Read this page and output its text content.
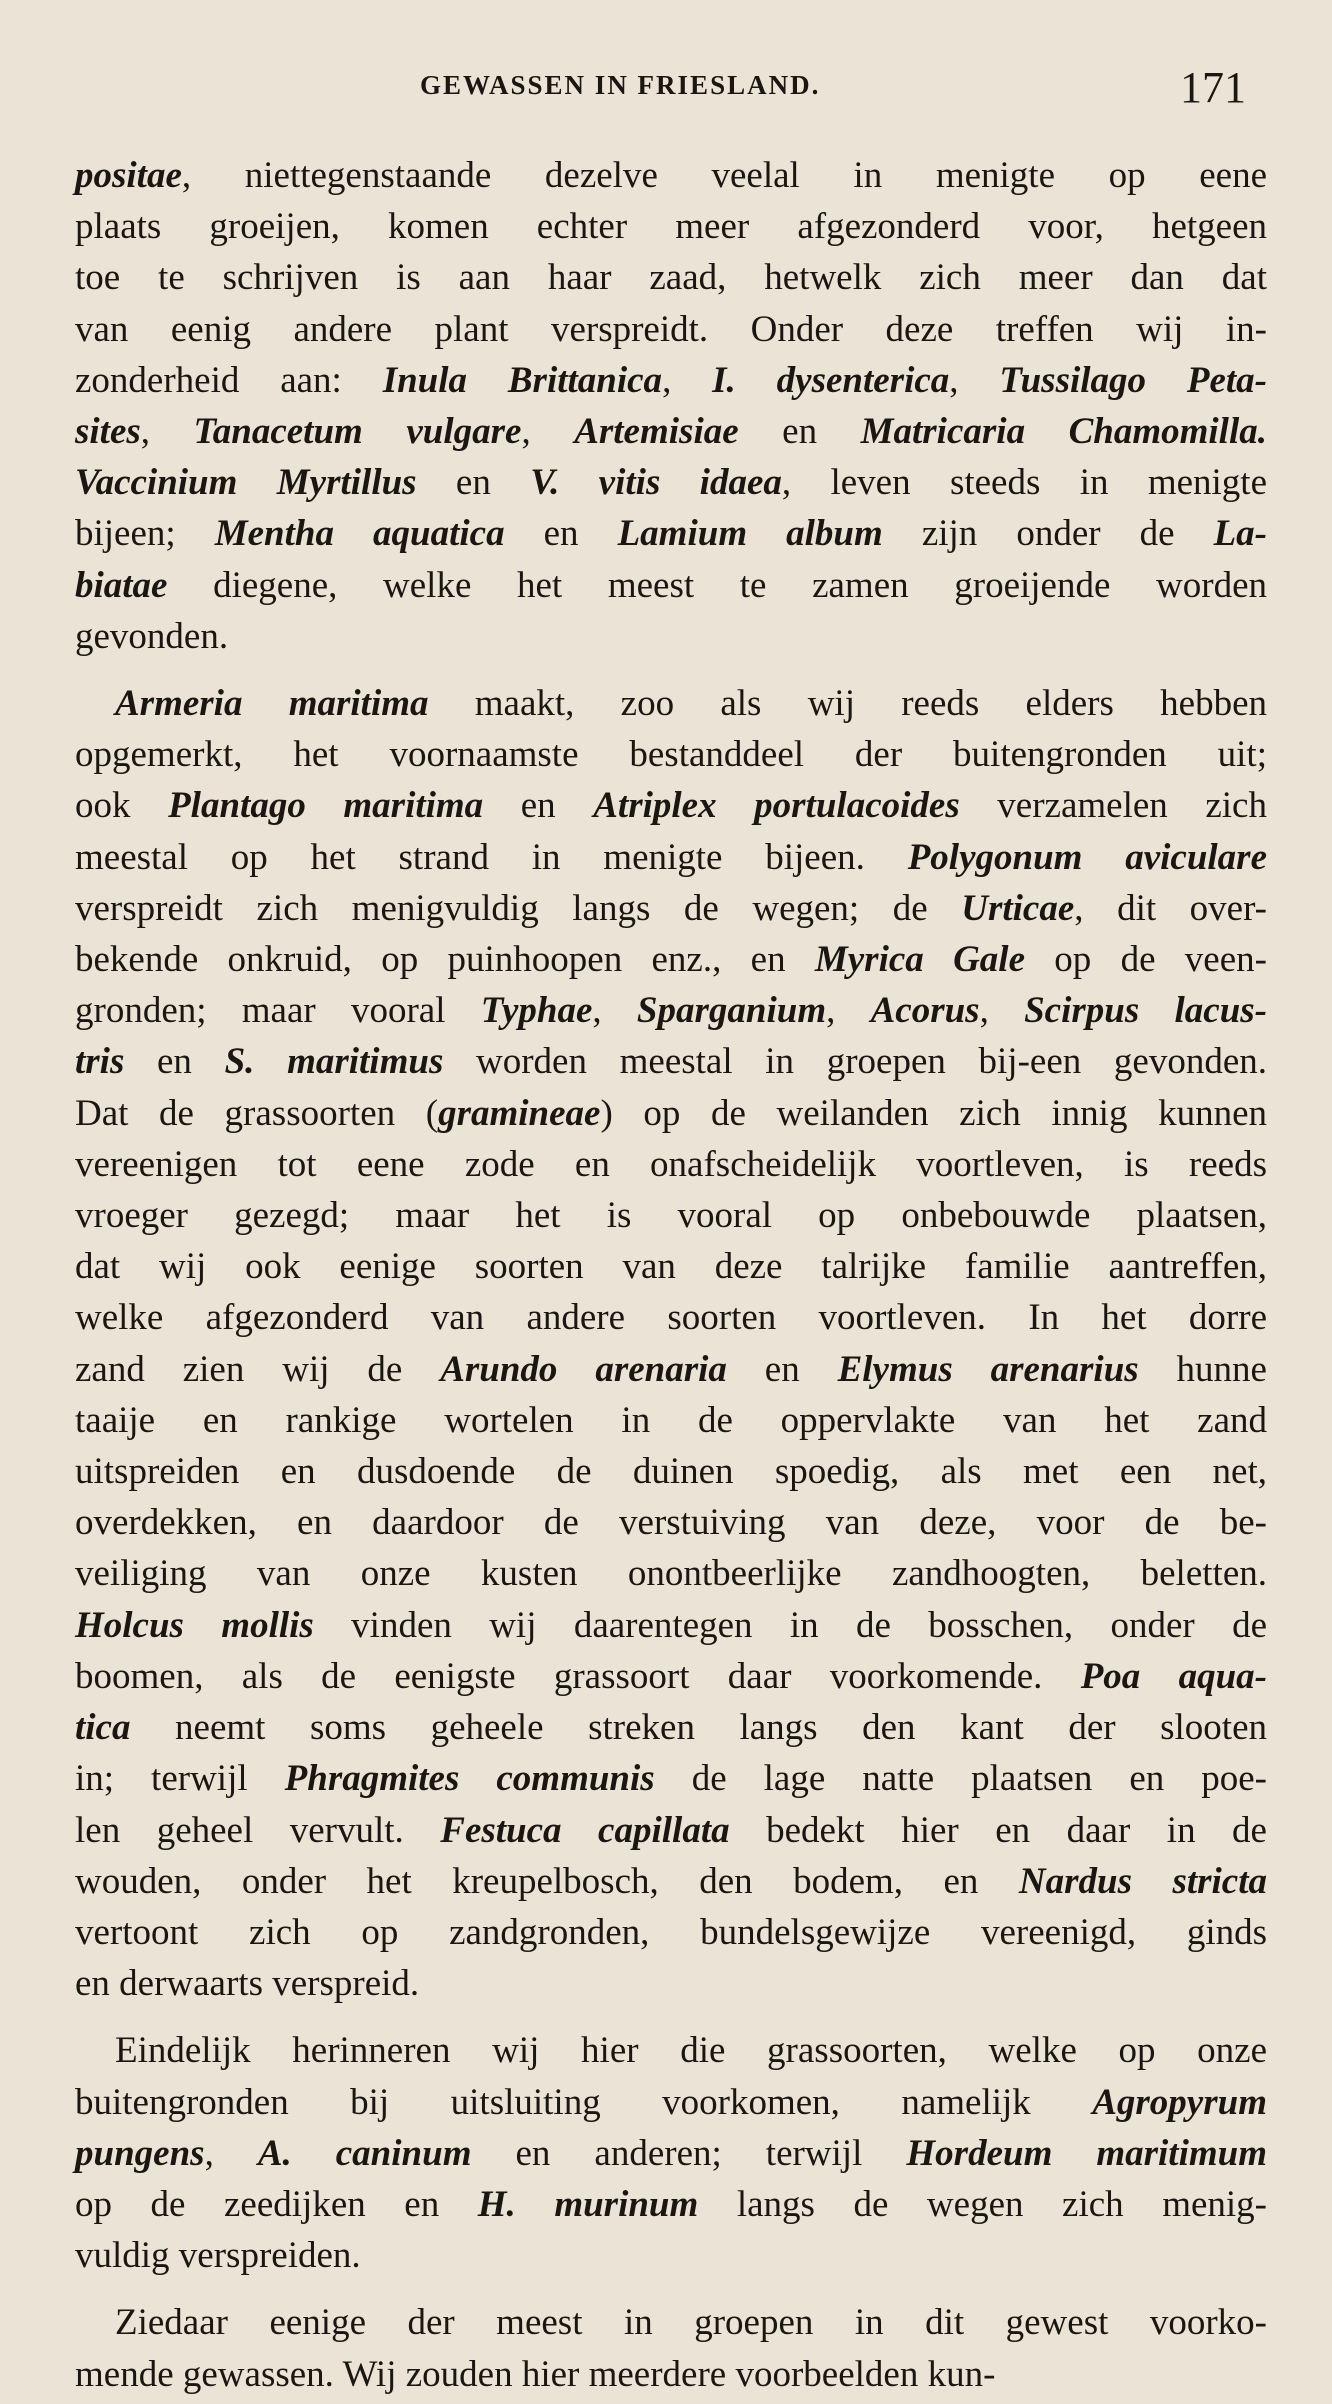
GEWASSEN IN FRIESLAND.	171
positae, niettegenstaande dezelve veelal in menigte op eene
plaats groeijen, komen echter meer afgezonderd voor, hetgeen
toe te schrijven is aan haar zaad, hetwelk zich meer dan dat
van eenig andere plant verspreidt. Onder deze treffen wij in-
zonderheid aan: Inula Brittanica, I. dysenterica, Tussilago Peta-
sites, Tanacetum vulgare, Artemisiae en Matricaria Chamomilla.
Vaccinium Myrtillus en V. vitis idaea, leven steeds in menigte
bijeen; Mentha aquatica en Lamium album zijn onder de La-
biatae diegene, welke het meest te zamen groeijende worden
gevonden.
Armeria maritima maakt, zoo als wij reeds elders hebben
opgemerkt, het voornaamste bestanddeel der buitengronden uit;
ook Plantago maritima en Atriplex portulacoides verzamelen zich
meestal op het strand in menigte bijeen. Polygonum aviculare
verspreidt zich menigvuldig langs de wegen; de Urticae, dit over-
bekende onkruid, op puinhoopen enz., en Myrica Gale op de veen-
gronden; maar vooral Typhae, Sparganium, Acorus, Scirpus lacus-
tris en S. maritimus worden meestal in groepen bij-een gevonden.
Dat de grassoorten (gramineae) op de weilanden zich innig kunnen
vereenigen tot eene zode en onafscheidelijk voortleven, is reeds
vroeger gezegd; maar het is vooral op onbebouwde plaatsen,
dat wij ook eenige soorten van deze talrijke familie aantreffen,
welke afgezonderd van andere soorten voortleven. In het dorre
zand zien wij de Arundo arenaria en Elymus arenarius hunne
taaije en rankige wortelen in de oppervlakte van het zand
uitspreiden en dusdoende de duinen spoedig, als met een net,
overdekken, en daardoor de verstuiving van deze, voor de be-
veiliging van onze kusten onontbeerlijke zandhoogten, beletten.
Holcus mollis vinden wij daarentegen in de bosschen, onder de
boomen, als de eenigste grassoort daar voorkomende. Poa aqua-
tica neemt soms geheele streken langs den kant der slooten
in; terwijl Phragmites communis de lage natte plaatsen en poe-
len geheel vervult. Festuca capillata bedekt hier en daar in de
wouden, onder het kreupelbosch, den bodem, en Nardus stricta
vertoont zich op zandgronden, bundelsgewijze vereenigd, ginds
en derwaarts verspreid.
Eindelijk herinneren wij hier die grassoorten, welke op onze
buitengronden bij uitsluiting voorkomen, namelijk Agropyrum
pungens, A. caninum en anderen; terwijl Hordeum maritimum
op de zeedijken en H. murinum langs de wegen zich menig-
vuldig verspreiden.
Ziedaar eenige der meest in groepen in dit gewest voorko-
mende gewassen. Wij zouden hier meerdere voorbeelden kun-
